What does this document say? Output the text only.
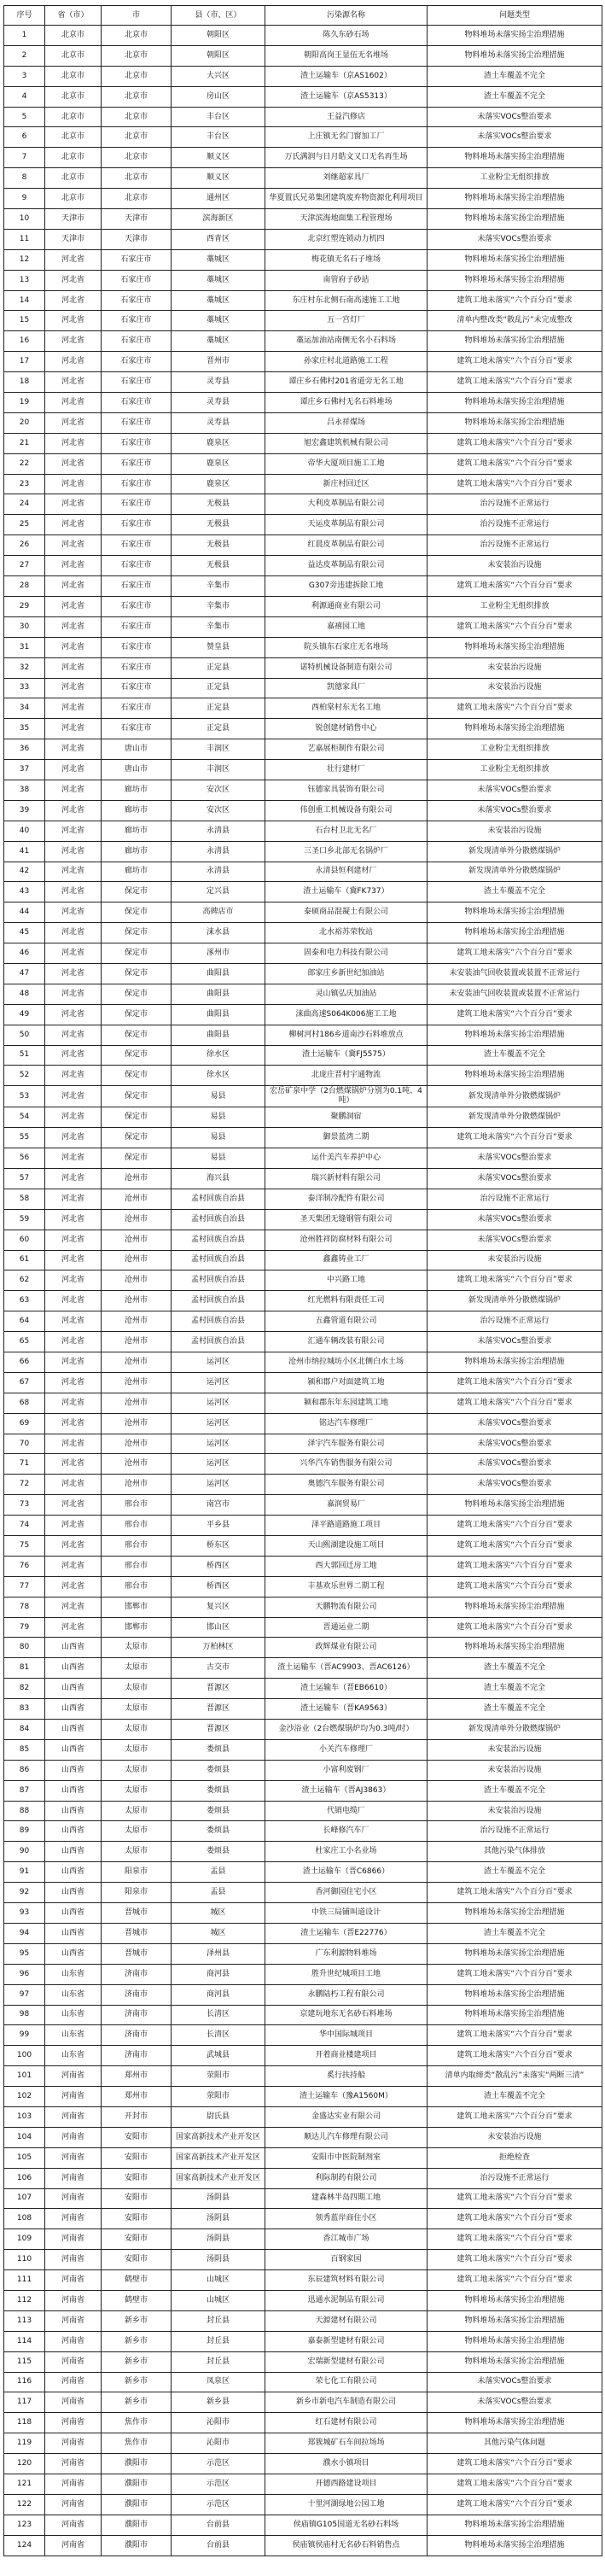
序号	省（市）	市	县（市、区）	污染源名称	问题类型
1	北京市	北京市	朝阳区	陈久东砂石场	物料堆场未落实扬尘治理措施
2	北京市	北京市	朝阳区	朝阳高岗王显伍无名堆场	物料堆场未落实扬尘治理措施
3	北京市	北京市	大兴区	渣土运输车（京AS1602）	渣土车覆盖不完全
4	北京市	北京市	房山区	渣土运输车（京AS5313）	渣土车覆盖不完全
5	北京市	北京市	丰台区	王益汽修店	未落实VOCs整治要求
6	北京市	北京市	丰台区	上庄镇无名门窗加工厂	未落实VOCs整治要求
7	北京市	北京市	顺义区	万氏满润与日月皓文又口无名再生场	物料堆场未落实扬尘治理措施
8	北京市	北京市	顺义区	刘继超家具厂	工业粉尘无组织排放
9	北京市	北京市	通州区	华夏置氏兄弟集团建筑废弃物资源化利用项目	物料堆场未落实扬尘治理措施
10	天津市	天津市	滨海新区	天津滨海地面集工程管理场	物料堆场未落实扬尘治理措施
11	天津市	天津市	西青区	北京红塑连锁动力机四	未落实VOCs整治要求
12	河北省	石家庄市	藁城区	梅花镇无名石子堆场	物料堆场未落实扬尘治理措施
13	河北省	石家庄市	藁城区	南管府子砂站	物料堆场未落实扬尘治理措施
14	河北省	石家庄市	藁城区	东庄村东北侧石南高速施工工地	建筑工地未落实“六个百分百”要求
15	河北省	石家庄市	藁城区	五一宫灯厂	清单内整改类“散乱污”未完成整改
16	河北省	石家庄市	藁城区	藁运加油站南侧无名小石料场	物料堆场未落实扬尘治理措施
17	河北省	石家庄市	晋州市	孙家庄村北道路施工工程	建筑工地未落实“六个百分百”要求
18	河北省	石家庄市	灵寿县	谭庄乡石佛村201省道旁无名工地	建筑工地未落实“六个百分百”要求
19	河北省	石家庄市	灵寿县	谭庄乡石佛村无名石料堆场	物料堆场未落实扬尘治理措施
20	河北省	石家庄市	灵寿县	吕永祥煤场	物料堆场未落实扬尘治理措施
21	河北省	石家庄市	鹿泉区	旭宏鑫建筑机械有限公司	建筑工地未落实“六个百分百”要求
22	河北省	石家庄市	鹿泉区	帝华大厦项目施工工地	建筑工地未落实“六个百分百”要求
23	河北省	石家庄市	鹿泉区	新庄村回迁区	建筑工地未落实“六个百分百”要求
24	河北省	石家庄市	无极县	大利皮革制品有限公司	治污设施不正常运行
25	河北省	石家庄市	无极县	天运皮革制品有限公司	治污设施不正常运行
26	河北省	石家庄市	无极县	红晨皮革制品有限公司	治污设施不正常运行
27	河北省	石家庄市	无极县	益达皮革制品有限公司	未安装治污设施
28	河北省	石家庄市	辛集市	G307旁违建拆除工地	建筑工地未落实“六个百分百”要求
29	河北省	石家庄市	辛集市	利源通商业有限公司	工业粉尘无组织排放
30	河北省	石家庄市	辛集市	嘉禧园工地	建筑工地未落实“六个百分百”要求
31	河北省	石家庄市	赞皇县	院头镇东石家庄无名堆场	物料堆场未落实扬尘治理措施
32	河北省	石家庄市	正定县	诺特机械设备制造有限公司	未安装治污设施
33	河北省	石家庄市	正定县	凯德家具厂	未安装治污设施
34	河北省	石家庄市	正定县	西柏棠村东无名工地	建筑工地未落实“六个百分百”要求
35	河北省	石家庄市	正定县	锐创建材销售中心	物料堆场未落实扬尘治理措施
36	河北省	唐山市	丰润区	艺嘉展柜制作有限公司	工业粉尘无组织排放
37	河北省	唐山市	丰润区	壮行建材厂	工业粉尘无组织排放
38	河北省	廊坊市	安次区	钰德家具装饰有限公司	未落实VOCs整治要求
39	河北省	廊坊市	安次区	伟创重工机械设备有限公司	未落实VOCs整治要求
40	河北省	廊坊市	永清县	石台村卫北无名厂	未安装治污设施
41	河北省	廊坊市	永清县	三圣口乡北部无名锅炉厂	新发现清单外分散燃煤锅炉
42	河北省	廊坊市	永清县	永清县恒利建材厂	新发现清单外分散燃煤锅炉
43	河北省	保定市	定兴县	渣土运输车（冀FK737）	渣土车覆盖不完全
44	河北省	保定市	高碑店市	泰硕商品混凝土有限公司	物料堆场未落实扬尘治理措施
45	河北省	保定市	涞水县	北水裕苏荣牧站	物料堆场未落实扬尘治理措施
46	河北省	保定市	涿州市	固泰和电力科技有限公司	建筑工地未落实“六个百分百”要求
47	河北省	保定市	曲阳县	郎家庄乡新世纪加油站	未安装油气回收装置或装置不正常运行
48	河北省	保定市	曲阳县	灵山镇弘庆加油站	未安装油气回收装置或装置不正常运行
49	河北省	保定市	曲阳县	涞曲高速S064K006施工工地	建筑工地未落实“六个百分百”要求
50	河北省	保定市	曲阳县	柳树河村186乡道南沙石料堆放点	物料堆场未落实扬尘治理措施
51	河北省	保定市	徐水区	渣土运输车（冀FJ5575）	渣土车覆盖不完全
52	河北省	保定市	徐水区	北庞庄晋村宇通物流	物料堆场未落实扬尘治理措施
53	河北省	保定市	易县	宏岳矿泉中学（2台燃煤锅炉分别为0.1吨、4吨）	新发现清单外分散燃煤锅炉
54	河北省	保定市	易县	聚鹏洞宿	新发现清单外分散燃煤锅炉
55	河北省	保定市	易县	御景蓝湾二期	建筑工地未落实“六个百分百”要求
56	河北省	保定市	易县	运什美汽车养护中心	未落实VOCs整治要求
57	河北省	沧州市	海兴县	瑞兴新材料有限公司	未落实VOCs整治要求
58	河北省	沧州市	孟村回族自治县	泰洋制冷配件有限公司	治污设施不正常运行
59	河北省	沧州市	孟村回族自治县	圣天集团无缝钢管有限公司	未落实VOCs整治要求
60	河北省	沧州市	孟村回族自治县	沧州胜祥防腐材料有限公司	未落实VOCs整治要求
61	河北省	沧州市	孟村回族自治县	鑫鑫铸业工厂	未安装治污设施
62	河北省	沧州市	孟村回族自治县	中兴路工地	建筑工地未落实“六个百分百”要求
63	河北省	沧州市	孟村回族自治县	红光燃料有限责任工司	新发现清单外分散燃煤锅炉
64	河北省	沧州市	孟村回族自治县	五鑫管道有限公司	治污设施不正常运行
65	河北省	沧州市	孟村回族自治县	汇通车辆改装有限公司	未落实VOCs整治要求
66	河北省	沧州市	运河区	沧州市纳拉城坊小区北侧白水土场	物料堆场未落实扬尘治理措施
67	河北省	沧州市	运河区	颍和郡户对面建筑工地	建筑工地未落实“六个百分百”要求
68	河北省	沧州市	运河区	颍和郡东年东园建筑工地	建筑工地未落实“六个百分百”要求
69	河北省	沧州市	运河区	铭达汽车修理厂	未落实VOCs整治要求
70	河北省	沧州市	运河区	泽宇汽车服务有限公司	未落实VOCs整治要求
71	河北省	沧州市	运河区	兴华汽车销售服务有限公司	未落实VOCs整治要求
72	河北省	沧州市	运河区	奥德汽车服务有限公司	未落实VOCs整治要求
73	河北省	邢台市	南宫市	嘉润贸易厂	物料堆场未落实扬尘治理措施
74	河北省	邢台市	平乡县	泽平路道路施工项目	建筑工地未落实“六个百分百”要求
75	河北省	邢台市	桥东区	天山熙湖建设施工项目	建筑工地未落实“六个百分百”要求
76	河北省	邢台市	桥西区	西大郭回迁房工地	建筑工地未落实“六个百分百”要求
77	河北省	邢台市	桥西区	丰基欢乐世界二期工程	建筑工地未落实“六个百分百”要求
78	河北省	邯郸市	复兴区	天鹏物流有限公司	物料堆场未落实扬尘治理措施
79	河北省	邯郸市	邯山区	晋通运业二期	建筑工地未落实“六个百分百”要求
80	山西省	太原市	万柏林区	政辉煤业有限公司	物料堆场未落实扬尘治理措施
81	山西省	太原市	古交市	渣土运输车（晋AC9903、晋AC6126）	渣土车覆盖不完全
82	山西省	太原市	晋源区	渣土运输车（晋EB6610）	渣土车覆盖不完全
83	山西省	太原市	晋源区	渣土运输车（晋KA9563）	渣土车覆盖不完全
84	山西省	太原市	晋源区	金沙浴业（2台燃煤锅炉均为0.3吨/时）	新发现清单外分散燃煤锅炉
85	山西省	太原市	娄烦县	小关汽车修理厂	未安装治污设施
86	山西省	太原市	娄烦县	小富利废钢厂	未安装治污设施
87	山西省	太原市	娄烦县	渣土运输车（晋AJ3863）	渣土车覆盖不完全
88	山西省	太原市	娄烦县	代销电缆厂	未安装治污设施
89	山西省	太原市	娄烦县	长峰修汽车厂	治污设施不正常运行
90	山西省	太原市	娄烦县	杜家庄工小名业场	其他污染气体排放
91	山西省	阳泉市	盂县	渣土运输车（晋C6866）	渣土车覆盖不完全
92	山西省	阳泉市	盂县	香河御园住宅小区	建筑工地未落实“六个百分百”要求
93	山西省	晋城市	城区	中铁三局铺叫道设计	物料堆场未落实扬尘治理措施
94	山西省	晋城市	城区	渣土运输车（晋E22776）	渣土车覆盖不完全
95	山西省	晋城市	泽州县	广东利源物料堆场	物料堆场未落实扬尘治理措施
96	山东省	济南市	商河县	胜升世纪城项目工地	建筑工地未落实“六个百分百”要求
97	山东省	济南市	商河县	永鹏陆朽工程有限公司	物料堆场未落实扬尘治理措施
98	山东省	济南市	长清区	京建玩地东无名砂石料堆场	物料堆场未落实扬尘治理措施
99	山东省	济南市	长清区	华中国际城项目	建筑工地未落实“六个百分百”要求
100	山东省	济南市	武城县	开着商业楼建项目	建筑工地未落实“六个百分百”要求
101	河南省	郑州市	荥阳市	奚行扶持船	清单内取缔类“散乱污”未落实“两断三清”
102	河南省	郑州市	荥阳市	渣土运输车（豫A1560M）	渣土车覆盖不完全
103	河南省	开封市	尉氏县	金盛达实业有限公司	建筑工地未落实“六个百分百”要求
104	河南省	安阳市	国家高新技术产业开发区	顺达儿汽车修理有限公司	未安装治污设施
105	河南省	安阳市	国家高新技术产业开发区	安阳市中医院制剂室	拒绝检查
106	河南省	安阳市	国家高新技术产业开发区	利际制药有限公司	治污设施不正常运行
107	河南省	安阳市	汤阴县	建森林半岛四期工地	建筑工地未落实“六个百分百”要求
108	河南省	安阳市	汤阴县	领秀蓝岸商住小区	建筑工地未落实“六个百分百”要求
109	河南省	安阳市	汤阴县	香江城市广场	建筑工地未落实“六个百分百”要求
110	河南省	安阳市	汤阴县	百钢家园	建筑工地未落实“六个百分百”要求
111	河南省	鹤壁市	山城区	东辰建筑材料有限公司	建筑工地未落实“六个百分百”要求
112	河南省	鹤壁市	山城区	迅通水泥制品有限公司	物料堆场未落实扬尘治理措施
113	河南省	新乡市	封丘县	天源建材有限公司	物料堆场未落实扬尘治理措施
114	河南省	新乡市	封丘县	嘉泰新型建材有限公司	物料堆场未落实扬尘治理措施
115	河南省	新乡市	封丘县	宏瑞新型建材有限公司	物料堆场未落实扬尘治理措施
116	河南省	新乡市	凤泉区	荣七化工有限公司	未落实VOCs整治要求
117	河南省	新乡市	新乡县	新乡市新电汽车制造有限公司	未落实VOCs整治要求
118	河南省	焦作市	沁阳市	红石建材有限公司	物料堆场未落实扬尘治理措施
119	河南省	焦作市	沁阳市	郑簇城矿石车间拉场场	其他污染气体问题
120	河南省	濮阳市	示范区	濮水小镇项目	建筑工地未落实“六个百分百”要求
121	河南省	濮阳市	示范区	开德西路建设项目	建筑工地未落实“六个百分百”要求
122	河南省	濮阳市	示范区	十里河湖绿地公园工地	建筑工地未落实“六个百分百”要求
123	河南省	濮阳市	台前县	侯庙镇G105国道无名砂石料场	物料堆场未落实扬尘治理措施
124	河南省	濮阳市	台前县	侯庙镇侯庙村无名砂石料销售点	物料堆场未落实扬尘治理措施
